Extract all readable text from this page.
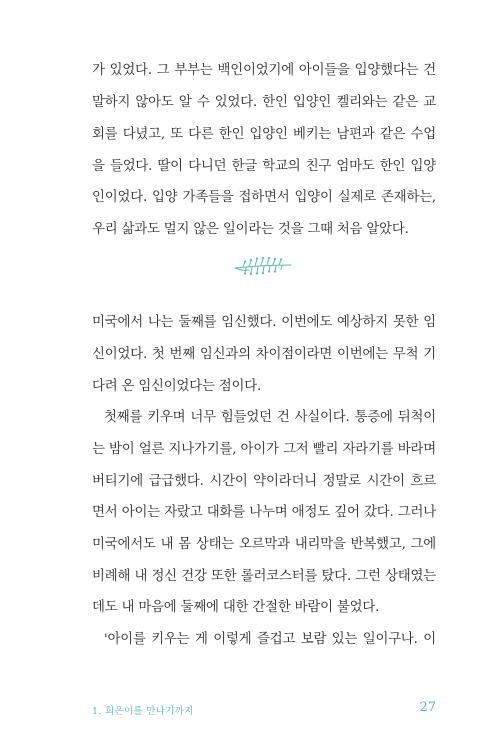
가 있었다. 그 부부는 백인이었기에 아이들을 입양했다는 건
말하지 않아도 알 수 있었다. 한인 입양인 켈리와는 같은 교
회를 다녔고, 또 다른 한인 입양인 베키는 남편과 같은 수업
을 들었다. 딸이 다니던 한글 학교의 친구 엄마도 한인 입양
인이었다. 입양 가족들을 접하면서 입양이 실제로 존재하는,
우리 삶과도 멀지 않은 일이라는 것을 그때 처음 알았다.
미국에서 나는 둘째를 임신했다. 이번에도 예상하지 못한 임
신이었다. 첫 번째 임신과의 차이점이라면 이번에는 무척 기
다려 온 임신이었다는 점이다.
첫째를 키우며 너무 힘들었던 건 사실이다. 통증에 뒤척이
는 밤이 얼른 지나가기를, 아이가 그저 빨리 자라기를 바라며
버티기에 급급했다. 시간이 약이라더니 정말로 시간이 흐르
면서 아이는 자랐고 대화를 나누며 애정도 깊어 갔다. 그러나
미국에서도 내 몸 상태는 오르막과 내리막을 반복했고, 그에
비례해 내 정신 건강 또한 롤러코스터를 탔다. 그런 상태였는
데도 내 마음에 둘째에 대한 간절한 바람이 불었다.
'아이를 키우는 게 이렇게 즐겁고 보람 있는 일이구나. 이
1. 희은이를 만나기까지	27
